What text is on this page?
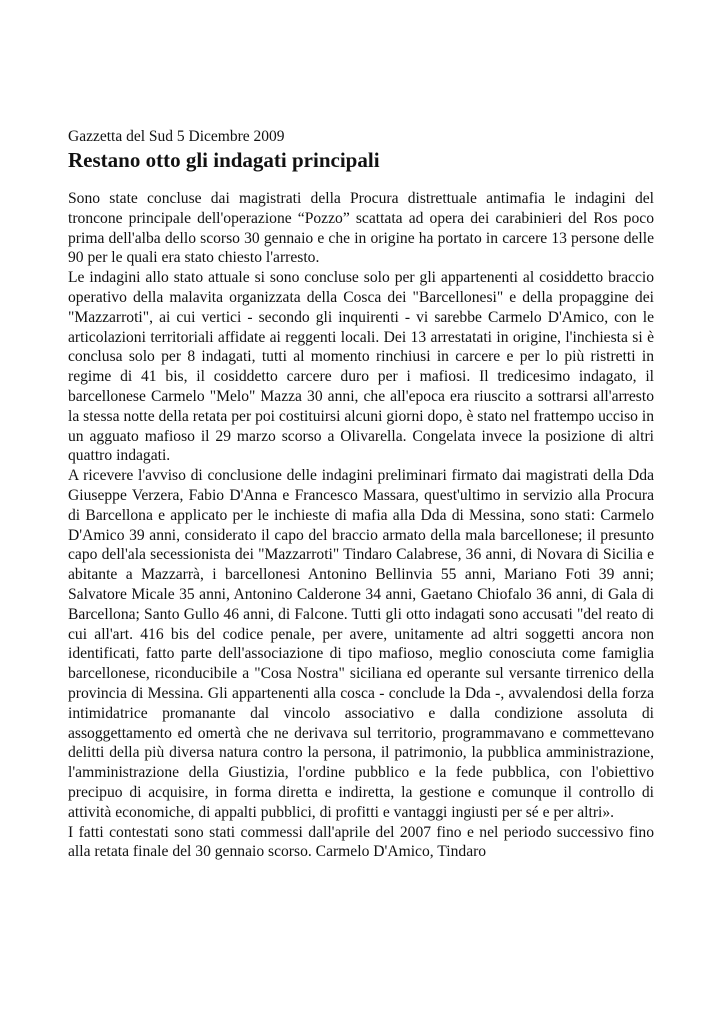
Gazzetta del Sud 5 Dicembre 2009

Restano otto gli indagati principali

Sono state concluse dai magistrati della Procura distrettuale antimafia le indagini del troncone principale dell'operazione “Pozzo” scattata ad opera dei carabinieri del Ros poco prima dell'alba dello scorso 30 gennaio e che in origine ha portato in carcere 13 persone delle 90 per le quali era stato chiesto l'arresto.

Le indagini allo stato attuale si sono concluse solo per gli appartenenti al cosiddetto braccio operativo della malavita organizzata della Cosca dei "Barcellonesi" e della propaggine dei "Mazzarroti", ai cui vertici - secondo gli inquirenti - vi sarebbe Carmelo D'Amico, con le articolazioni territoriali affidate ai reggenti locali. Dei 13 arrestatati in origine, l'inchiesta si è conclusa solo per 8 indagati, tutti al momento rinchiusi in carcere e per lo più ristretti in regime di 41 bis, il cosiddetto carcere duro per i mafiosi. Il tredicesimo indagato, il barcellonese Carmelo "Melo" Mazza 30 anni, che all'epoca era riuscito a sottrarsi all'arresto la stessa notte della retata per poi costituirsi alcuni giorni dopo, è stato nel frattempo ucciso in un agguato mafioso il 29 marzo scorso a Olivarella. Congelata invece la posizione di altri quattro indagati.

A ricevere l'avviso di conclusione delle indagini preliminari firmato dai magistrati della Dda Giuseppe Verzera, Fabio D'Anna e Francesco Massara, quest'ultimo in servizio alla Procura di Barcellona e applicato per le inchieste di mafia alla Dda di Messina, sono stati: Carmelo D'Amico 39 anni, considerato il capo del braccio armato della mala barcellonese; il presunto capo dell'ala secessionista dei "Mazzarroti" Tindaro Calabrese, 36 anni, di Novara di Sicilia e abitante a Mazzarrà, i barcellonesi Antonino Bellinvia 55 anni, Mariano Foti 39 anni; Salvatore Micale 35 anni, Antonino Calderone 34 anni, Gaetano Chiofalo 36 anni, di Gala di Barcellona; Santo Gullo 46 anni, di Falcone. Tutti gli otto indagati sono accusati "del reato di cui all'art. 416 bis del codice penale, per avere, unitamente ad altri soggetti ancora non identificati, fatto parte dell'associazione di tipo mafioso, meglio conosciuta come famiglia barcellonese, riconducibile a "Cosa Nostra" siciliana ed operante sul versante tirrenico della provincia di Messina. Gli appartenenti alla cosca - conclude la Dda -, avvalendosi della forza intimidatrice promanante dal vincolo associativo e dalla condizione assoluta di assoggettamento ed omertà che ne derivava sul territorio, programmavano e commettevano delitti della più diversa natura contro la persona, il patrimonio, la pubblica amministrazione, l'amministrazione della Giustizia, l'ordine pubblico e la fede pubblica, con l'obiettivo precipuo di acquisire, in forma diretta e indiretta, la gestione e comunque il controllo di attività economiche, di appalti pubblici, di profitti e vantaggi ingiusti per sé e per altri».

I fatti contestati sono stati commessi dall'aprile del 2007 fino e nel periodo successivo fino alla retata finale del 30 gennaio scorso. Carmelo D'Amico, Tindaro
